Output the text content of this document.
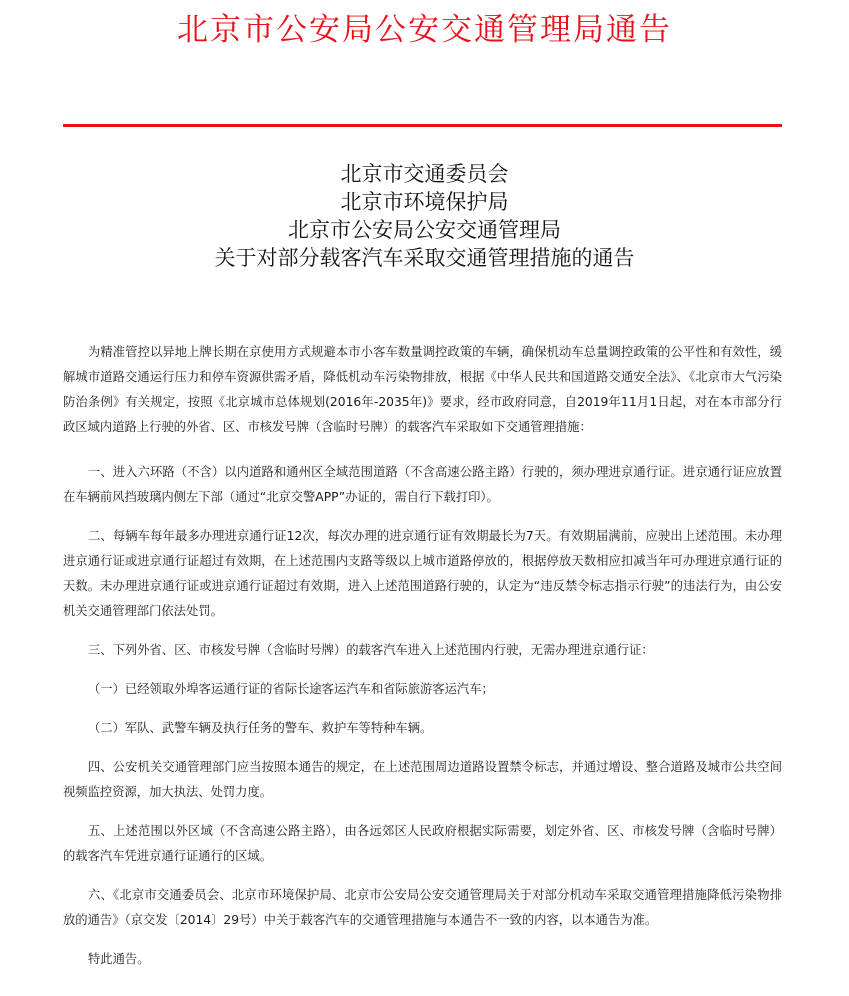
北京市公安局公安交通管理局通告
北京市交通委员会
北京市环境保护局
北京市公安局公安交通管理局
关于对部分载客汽车采取交通管理措施的通告

为精准管控以异地上牌长期在京使用方式规避本市小客车数量调控政策的车辆，确保机动车总量调控政策的公平性和有效性，缓解城市道路交通运行压力和停车资源供需矛盾，降低机动车污染物排放，根据《中华人民共和国道路交通安全法》、《北京市大气污染防治条例》有关规定，按照《北京城市总体规划(2016年-2035年)》要求，经市政府同意，自2019年11月1日起，对在本市部分行政区域内道路上行驶的外省、区、市核发号牌（含临时号牌）的载客汽车采取如下交通管理措施：

一、进入六环路（不含）以内道路和通州区全域范围道路（不含高速公路主路）行驶的，须办理进京通行证。进京通行证应放置在车辆前风挡玻璃内侧左下部（通过“北京交警APP”办证的，需自行下载打印）。

二、每辆车每年最多办理进京通行证12次，每次办理的进京通行证有效期最长为7天。有效期届满前，应驶出上述范围。未办理进京通行证或进京通行证超过有效期，在上述范围内支路等级以上城市道路停放的，根据停放天数相应扣减当年可办理进京通行证的天数。未办理进京通行证或进京通行证超过有效期，进入上述范围道路行驶的，认定为“违反禁令标志指示行驶”的违法行为，由公安机关交通管理部门依法处罚。

三、下列外省、区、市核发号牌（含临时号牌）的载客汽车进入上述范围内行驶，无需办理进京通行证：

（一）已经领取外埠客运通行证的省际长途客运汽车和省际旅游客运汽车；

（二）军队、武警车辆及执行任务的警车、救护车等特种车辆。

四、公安机关交通管理部门应当按照本通告的规定，在上述范围周边道路设置禁令标志，并通过增设、整合道路及城市公共空间视频监控资源，加大执法、处罚力度。

五、上述范围以外区域（不含高速公路主路），由各远郊区人民政府根据实际需要，划定外省、区、市核发号牌（含临时号牌）的载客汽车凭进京通行证通行的区域。

六、《北京市交通委员会、北京市环境保护局、北京市公安局公安交通管理局关于对部分机动车采取交通管理措施降低污染物排放的通告》（京交发〔2014〕29号）中关于载客汽车的交通管理措施与本通告不一致的内容，以本通告为准。

特此通告。
